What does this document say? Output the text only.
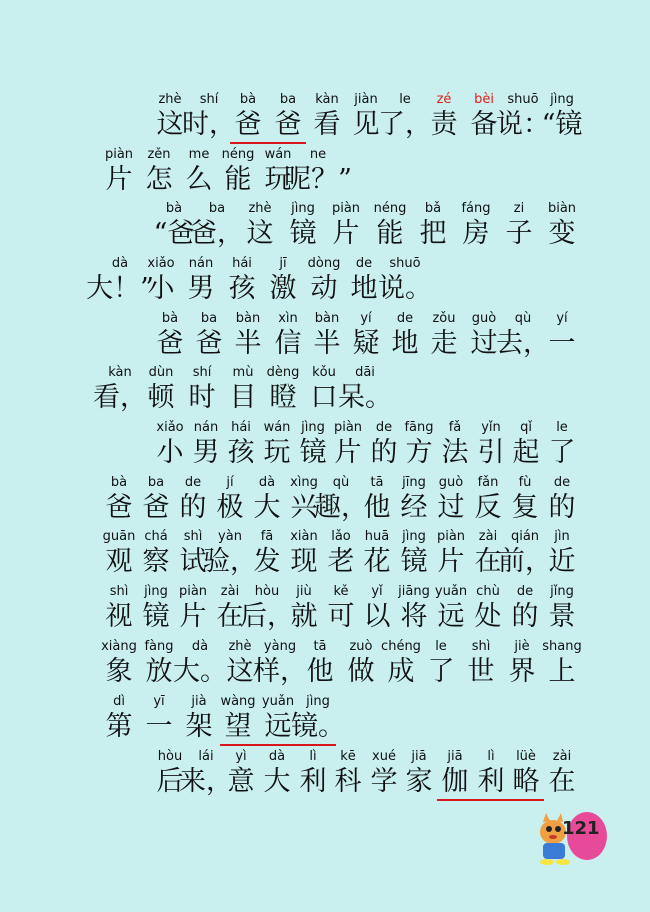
zhè shí bà ba kàn jiàn le zé bèi shuō jìng
这
时，
爸 爸 看 见
了，
责 备
说：
“镜
piàn zěn me néng wán ne
片 怎 么 能 玩
呢？”
bà ba zhè jìng piàn néng bǎ fáng zi biàn
“爸
爸， 这 镜 片 能 把 房 子 变
dà xiǎo nán hái jī dòng de shuō
大！”
小 男 孩 激 动 地 说。
bà ba bàn xìn bàn yí de zǒu guò qù yí
爸 爸 半 信 半 疑 地 走 过
去，
一
kàn dùn shí mù dèng kǒu dāi
看， 顿 时 目 瞪 口 呆。
xiǎo nán hái wán jìng piàn de fāng fǎ yǐn qǐ le
小 男 孩 玩 镜 片 的 方 法 引 起 了
bà ba de jí dà xìng qù tā jīng guò fǎn fù de
爸 爸 的 极 大 兴
趣，
他 经 过 反 复 的
guān chá shì yàn fā xiàn lǎo huā jìng piàn zài qián jìn
观 察 试
验，
发 现 老 花 镜 片 在
前，
近
shì jìng piàn zài hòu jiù kě yǐ jiāng yuǎn chù de jǐng
视 镜 片 在
后，
就 可 以 将 远 处 的 景
xiàng fàng dà zhè yàng tā zuò chéng le shì jiè shang
象 放 大。 这 样， 他 做 成 了 世 界 上
dì yī jià wàng yuǎn jìng
第 一 架 望 远 镜。
hòu lái yì dà lì kē xué jiā jiā lì lüè zài
后
来，
意 大 利 科 学 家 伽 利 略 在
121
